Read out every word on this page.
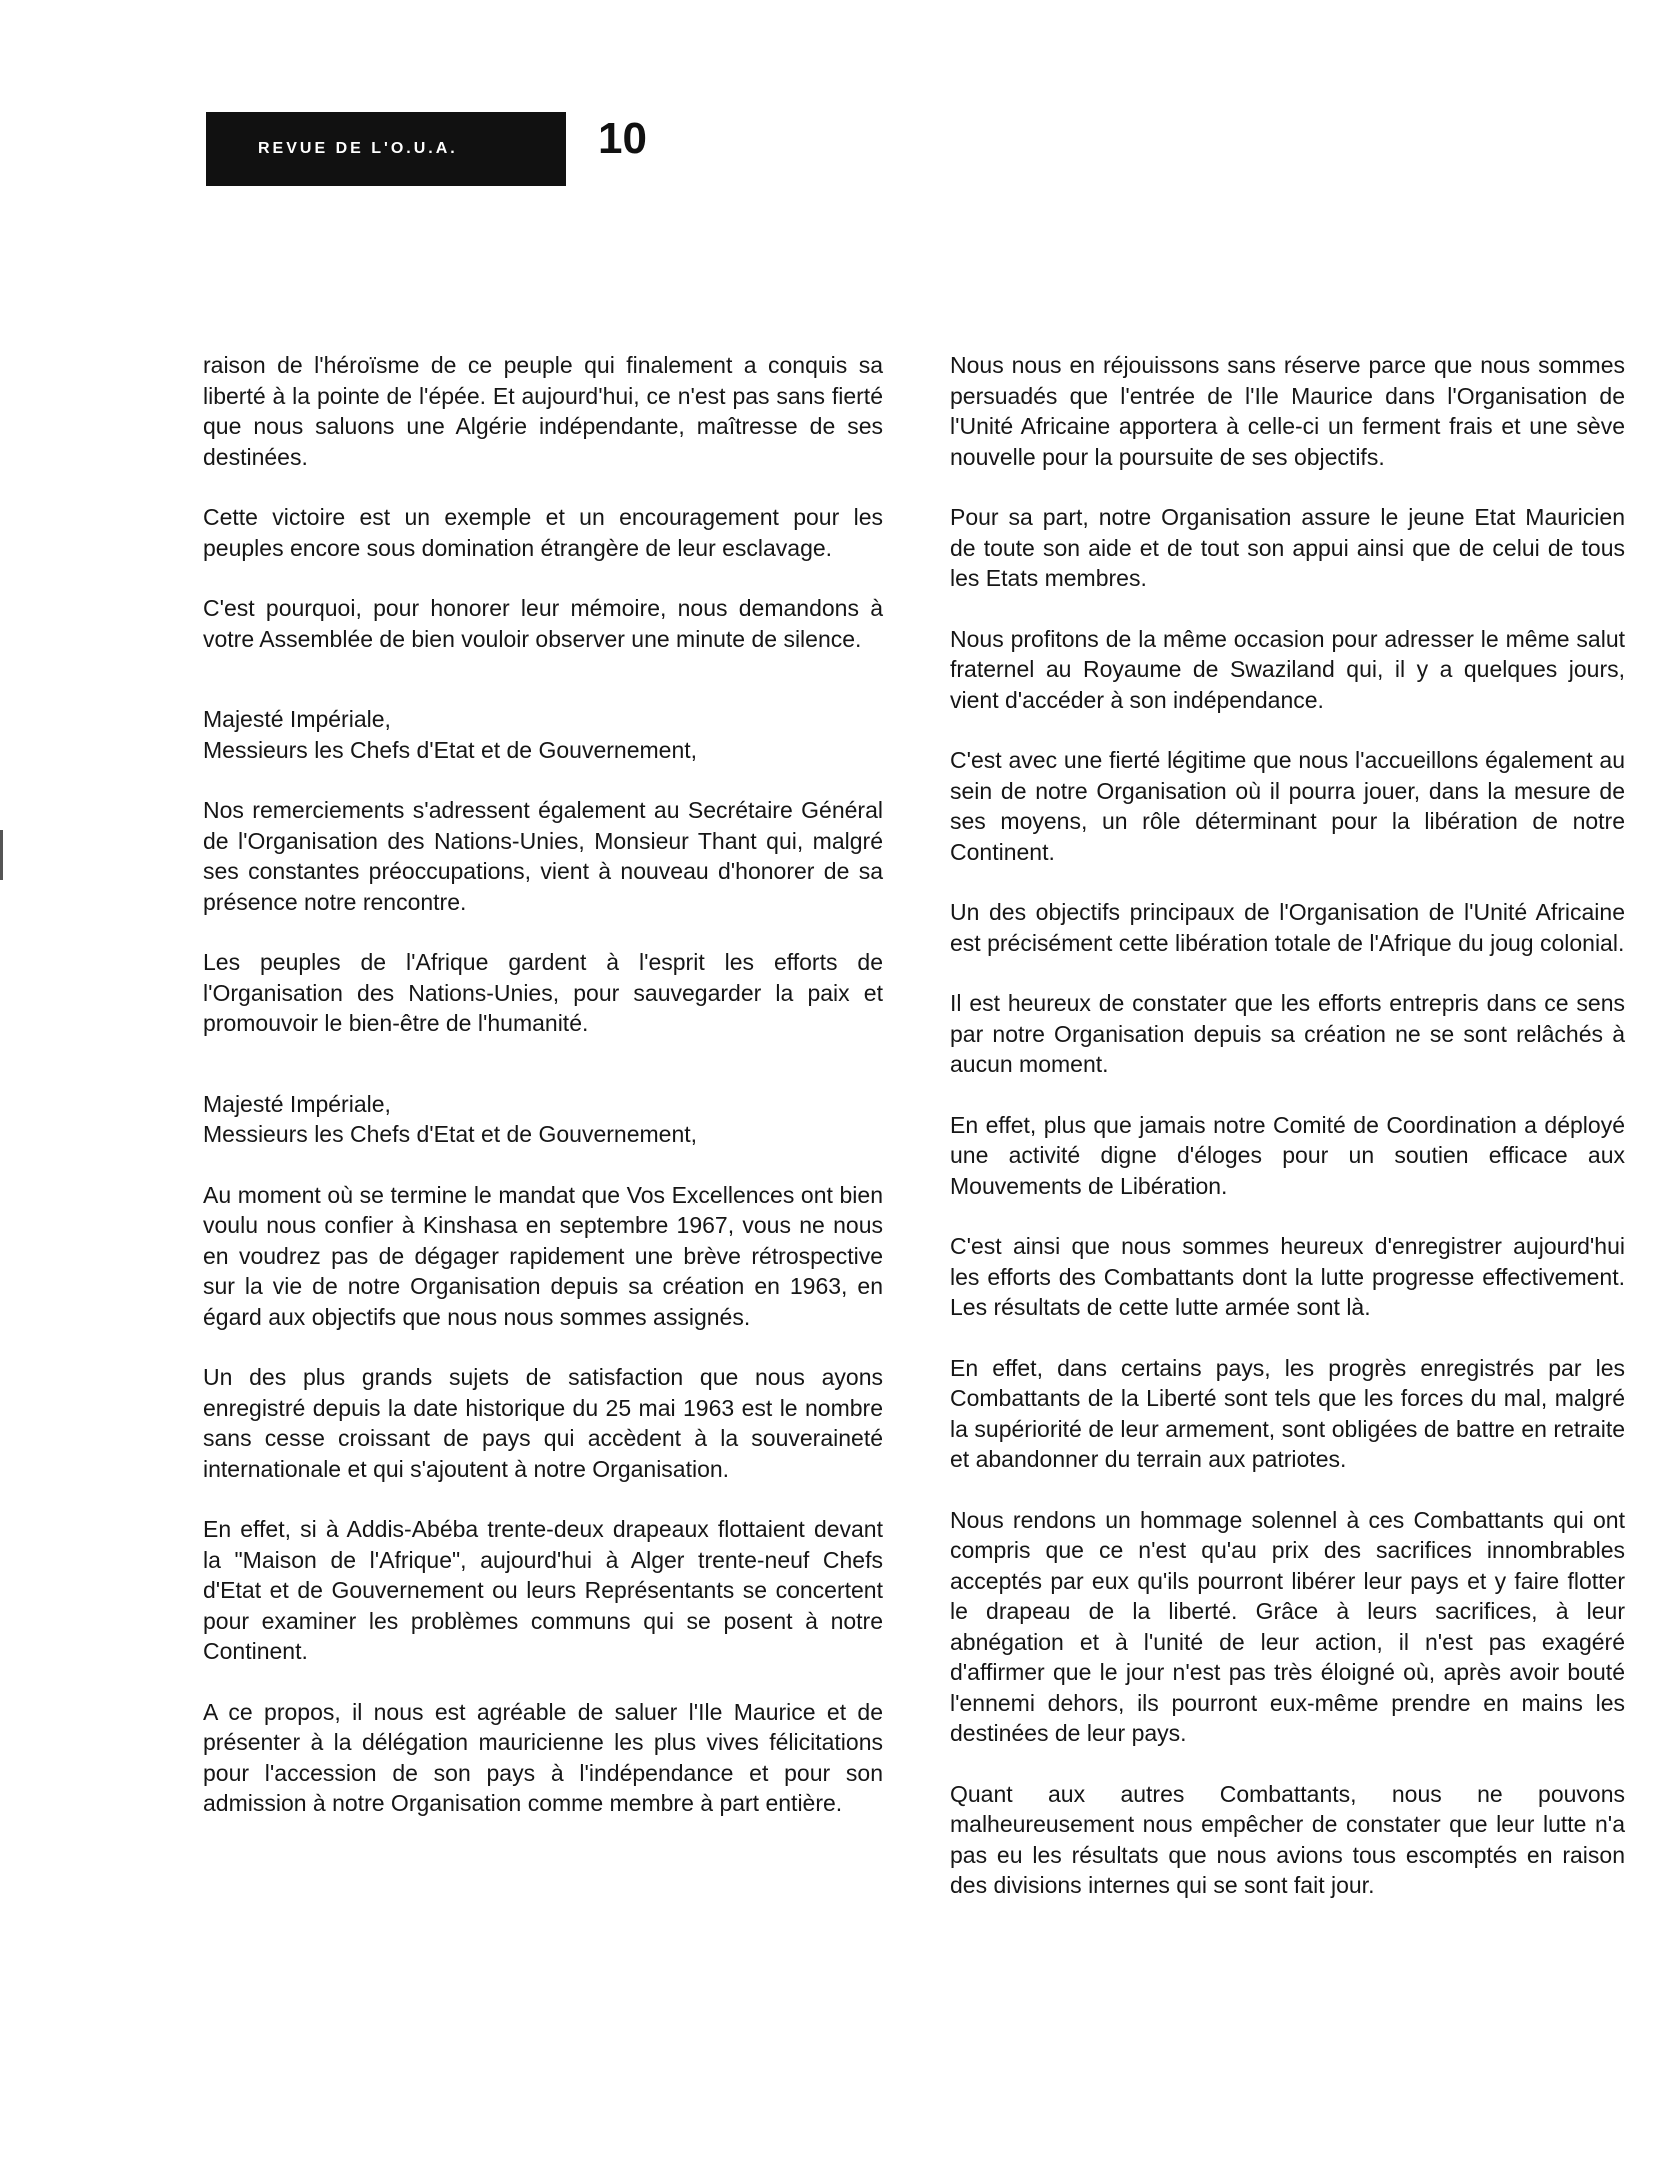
REVUE DE L'O.U.A.	10

raison de l'héroïsme de ce peuple qui finalement a conquis sa liberté à la pointe de l'épée. Et aujourd'hui, ce n'est pas sans fierté que nous saluons une Algérie indépendante, maîtresse de ses destinées.

Cette victoire est un exemple et un encouragement pour les peuples encore sous domination étrangère de leur esclavage.

C'est pourquoi, pour honorer leur mémoire, nous demandons à votre Assemblée de bien vouloir observer une minute de silence.

Majesté Impériale,
Messieurs les Chefs d'Etat et de Gouvernement,

Nos remerciements s'adressent également au Secrétaire Général de l'Organisation des Nations-Unies, Monsieur Thant qui, malgré ses constantes préoccupations, vient à nouveau d'honorer de sa présence notre rencontre.

Les peuples de l'Afrique gardent à l'esprit les efforts de l'Organisation des Nations-Unies, pour sauvegarder la paix et promouvoir le bien-être de l'humanité.

Majesté Impériale,
Messieurs les Chefs d'Etat et de Gouvernement,

Au moment où se termine le mandat que Vos Excellences ont bien voulu nous confier à Kinshasa en septembre 1967, vous ne nous en voudrez pas de dégager rapidement une brève rétrospective sur la vie de notre Organisation depuis sa création en 1963, en égard aux objectifs que nous nous sommes assignés.

Un des plus grands sujets de satisfaction que nous ayons enregistré depuis la date historique du 25 mai 1963 est le nombre sans cesse croissant de pays qui accèdent à la souveraineté internationale et qui s'ajoutent à notre Organisation.

En effet, si à Addis-Abéba trente-deux drapeaux flottaient devant la "Maison de l'Afrique", aujourd'hui à Alger trente-neuf Chefs d'Etat et de Gouvernement ou leurs Représentants se concertent pour examiner les problèmes communs qui se posent à notre Continent.

A ce propos, il nous est agréable de saluer l'Ile Maurice et de présenter à la délégation mauricienne les plus vives félicitations pour l'accession de son pays à l'indépendance et pour son admission à notre Organisation comme membre à part entière.

Nous nous en réjouissons sans réserve parce que nous sommes persuadés que l'entrée de l'Ile Maurice dans l'Organisation de l'Unité Africaine apportera à celle-ci un ferment frais et une sève nouvelle pour la poursuite de ses objectifs.

Pour sa part, notre Organisation assure le jeune Etat Mauricien de toute son aide et de tout son appui ainsi que de celui de tous les Etats membres.

Nous profitons de la même occasion pour adresser le même salut fraternel au Royaume de Swaziland qui, il y a quelques jours, vient d'accéder à son indépendance.

C'est avec une fierté légitime que nous l'accueillons également au sein de notre Organisation où il pourra jouer, dans la mesure de ses moyens, un rôle déterminant pour la libération de notre Continent.

Un des objectifs principaux de l'Organisation de l'Unité Africaine est précisément cette libération totale de l'Afrique du joug colonial.

Il est heureux de constater que les efforts entrepris dans ce sens par notre Organisation depuis sa création ne se sont relâchés à aucun moment.

En effet, plus que jamais notre Comité de Coordination a déployé une activité digne d'éloges pour un soutien efficace aux Mouvements de Libération.

C'est ainsi que nous sommes heureux d'enregistrer aujourd'hui les efforts des Combattants dont la lutte progresse effectivement. Les résultats de cette lutte armée sont là.

En effet, dans certains pays, les progrès enregistrés par les Combattants de la Liberté sont tels que les forces du mal, malgré la supériorité de leur armement, sont obligées de battre en retraite et abandonner du terrain aux patriotes.

Nous rendons un hommage solennel à ces Combattants qui ont compris que ce n'est qu'au prix des sacrifices innombrables acceptés par eux qu'ils pourront libérer leur pays et y faire flotter le drapeau de la liberté. Grâce à leurs sacrifices, à leur abnégation et à l'unité de leur action, il n'est pas exagéré d'affirmer que le jour n'est pas très éloigné où, après avoir bouté l'ennemi dehors, ils pourront eux-même prendre en mains les destinées de leur pays.

Quant aux autres Combattants, nous ne pouvons malheureusement nous empêcher de constater que leur lutte n'a pas eu les résultats que nous avions tous escomptés en raison des divisions internes qui se sont fait jour.
